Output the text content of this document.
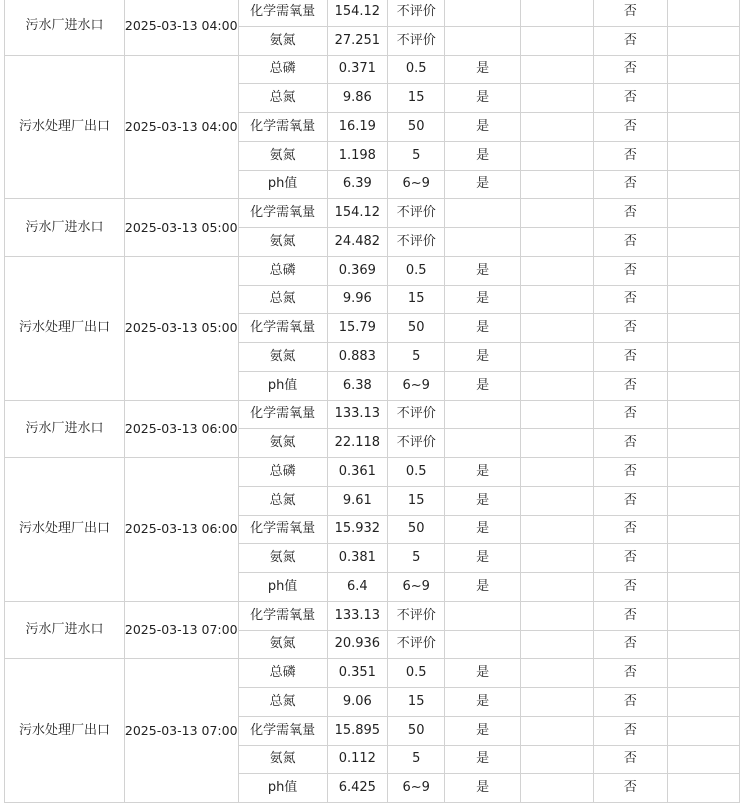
污水厂进水口	2025-03-13 04:00	化学需氧量	154.12	不评价			否	
		氨氮	27.251	不评价			否	
污水处理厂出口	2025-03-13 04:00	总磷	0.371	0.5	是		否	
		总氮	9.86	15	是		否	
		化学需氧量	16.19	50	是		否	
		氨氮	1.198	5	是		否	
		ph值	6.39	6~9	是		否	
污水厂进水口	2025-03-13 05:00	化学需氧量	154.12	不评价			否	
		氨氮	24.482	不评价			否	
污水处理厂出口	2025-03-13 05:00	总磷	0.369	0.5	是		否	
		总氮	9.96	15	是		否	
		化学需氧量	15.79	50	是		否	
		氨氮	0.883	5	是		否	
		ph值	6.38	6~9	是		否	
污水厂进水口	2025-03-13 06:00	化学需氧量	133.13	不评价			否	
		氨氮	22.118	不评价			否	
污水处理厂出口	2025-03-13 06:00	总磷	0.361	0.5	是		否	
		总氮	9.61	15	是		否	
		化学需氧量	15.932	50	是		否	
		氨氮	0.381	5	是		否	
		ph值	6.4	6~9	是		否	
污水厂进水口	2025-03-13 07:00	化学需氧量	133.13	不评价			否	
		氨氮	20.936	不评价			否	
污水处理厂出口	2025-03-13 07:00	总磷	0.351	0.5	是		否	
		总氮	9.06	15	是		否	
		化学需氧量	15.895	50	是		否	
		氨氮	0.112	5	是		否	
		ph值	6.425	6~9	是		否	
